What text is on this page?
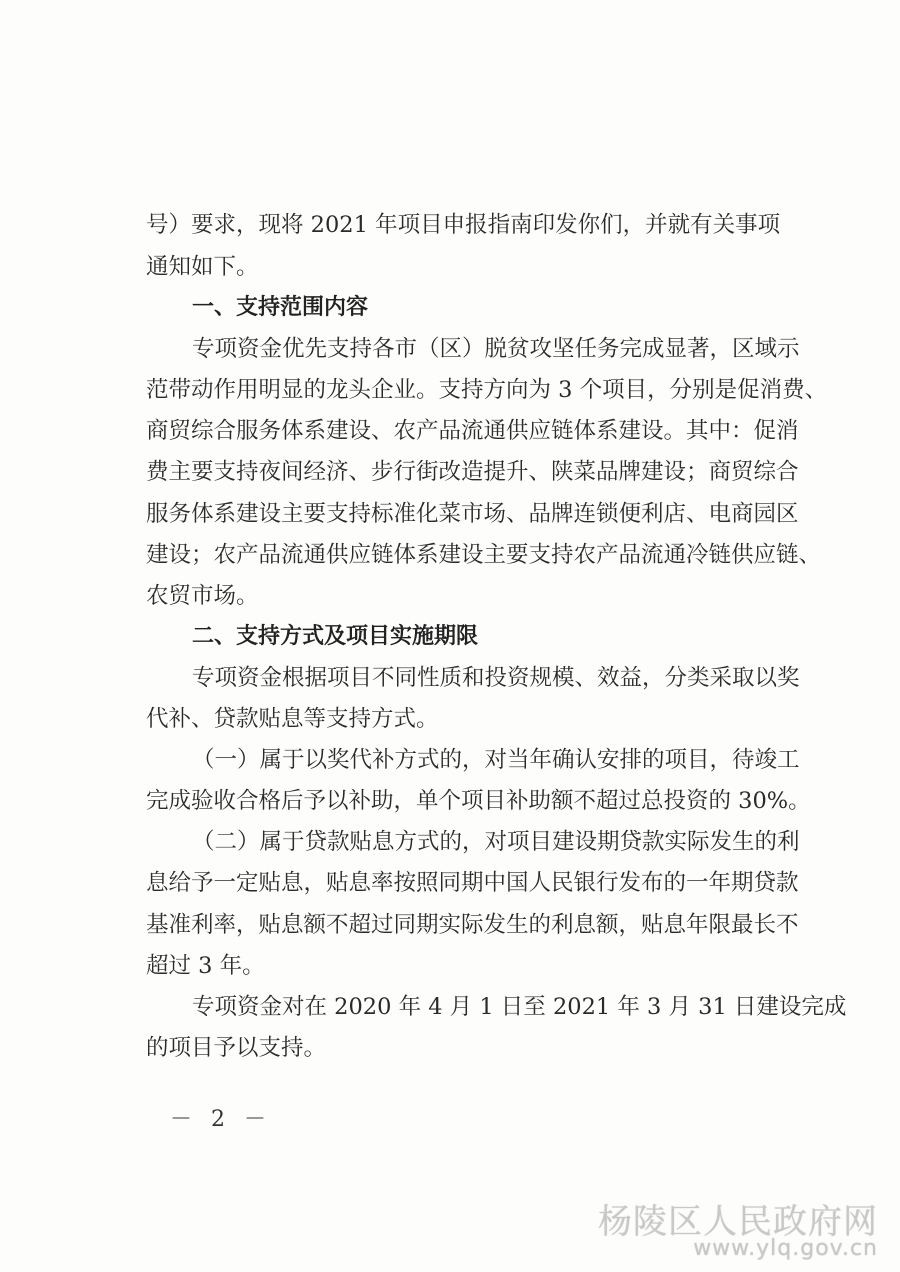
号）要求，现将 2021 年项目申报指南印发你们，并就有关事项
通知如下。
一、支持范围内容
专项资金优先支持各市（区）脱贫攻坚任务完成显著，区域示
范带动作用明显的龙头企业。支持方向为 3 个项目，分别是促消费、
商贸综合服务体系建设、农产品流通供应链体系建设。其中：促消
费主要支持夜间经济、步行街改造提升、陕菜品牌建设；商贸综合
服务体系建设主要支持标准化菜市场、品牌连锁便利店、电商园区
建设；农产品流通供应链体系建设主要支持农产品流通冷链供应链、
农贸市场。
二、支持方式及项目实施期限
专项资金根据项目不同性质和投资规模、效益，分类采取以奖
代补、贷款贴息等支持方式。
（一）属于以奖代补方式的，对当年确认安排的项目，待竣工
完成验收合格后予以补助，单个项目补助额不超过总投资的 30%。
（二）属于贷款贴息方式的，对项目建设期贷款实际发生的利
息给予一定贴息，贴息率按照同期中国人民银行发布的一年期贷款
基准利率，贴息额不超过同期实际发生的利息额，贴息年限最长不
超过 3 年。
专项资金对在 2020 年 4 月 1 日至 2021 年 3 月 31 日建设完成
的项目予以支持。
－ 2 －
杨陵区人民政府网
www.ylq.gov.cn
